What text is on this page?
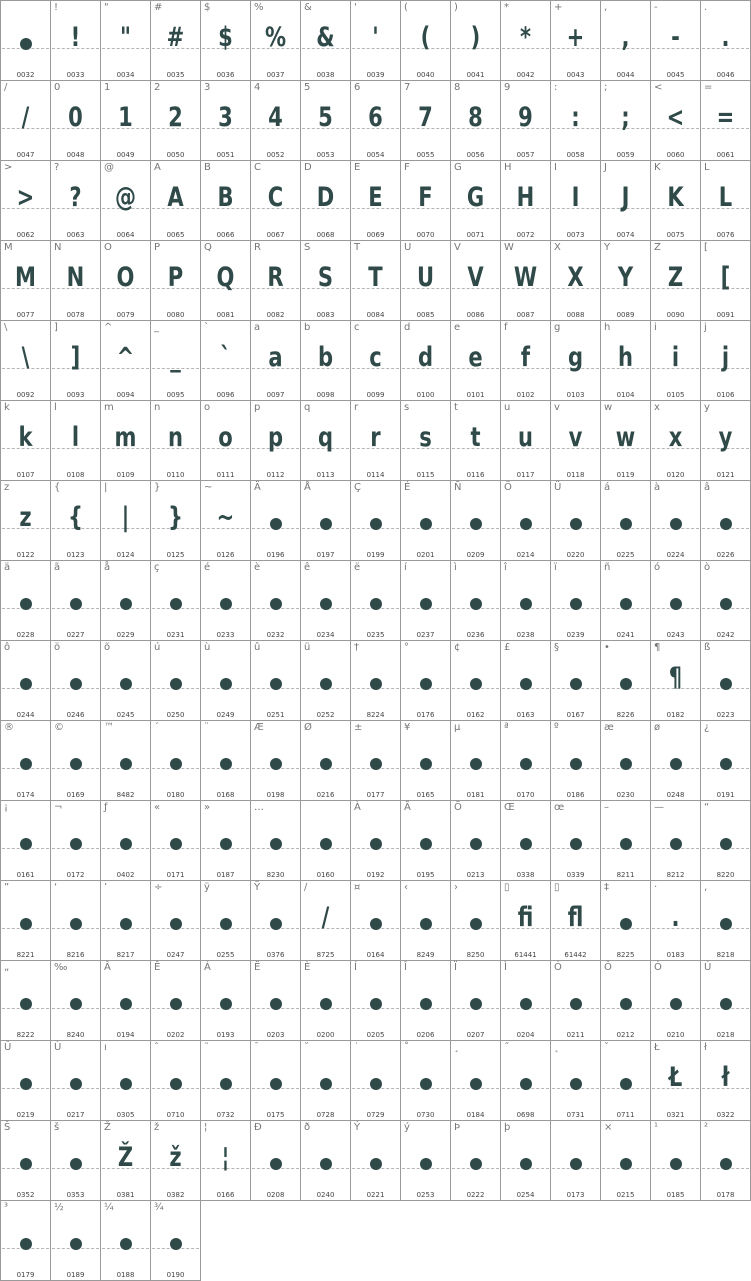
0032
!
!
0033
"
"
0034
#
#
0035
$
$
0036
%
%
0037
&
&
0038
'
'
0039
(
(
0040
)
)
0041
*
*
0042
+
+
0043
,
,
0044
-
-
0045
.
.
0046
/
/
0047
0
0
0048
1
1
0049
2
2
0050
3
3
0051
4
4
0052
5
5
0053
6
6
0054
7
7
0055
8
8
0056
9
9
0057
:
:
0058
;
;
0059
<
<
0060
=
=
0061
>
>
0062
?
?
0063
@
@
0064
A
A
0065
B
B
0066
C
C
0067
D
D
0068
E
E
0069
F
F
0070
G
G
0071
H
H
0072
I
I
0073
J
J
0074
K
K
0075
L
L
0076
M
M
0077
N
N
0078
O
O
0079
P
P
0080
Q
Q
0081
R
R
0082
S
S
0083
T
T
0084
U
U
0085
V
V
0086
W
W
0087
X
X
0088
Y
Y
0089
Z
Z
0090
[
[
0091
\
\
0092
]
]
0093
^
^
0094
_
_
0095
`
`
0096
a
a
0097
b
b
0098
c
c
0099
d
d
0100
e
e
0101
f
f
0102
g
g
0103
h
h
0104
i
i
0105
j
j
0106
k
k
0107
l
l
0108
m
m
0109
n
n
0110
o
o
0111
p
p
0112
q
q
0113
r
r
0114
s
s
0115
t
t
0116
u
u
0117
v
v
0118
w
w
0119
x
x
0120
y
y
0121
z
z
0122
{
{
0123
|
|
0124
}
}
0125
~
~
0126
Ä
0196
Å
0197
Ç
0199
É
0201
Ñ
0209
Ö
0214
Ü
0220
á
0225
à
0224
â
0226
ä
0228
ã
0227
å
0229
ç
0231
é
0233
è
0232
ê
0234
ë
0235
í
0237
ì
0236
î
0238
ï
0239
ñ
0241
ó
0243
ò
0242
ô
0244
ö
0246
õ
0245
ú
0250
ù
0249
û
0251
ü
0252
†
8224
°
0176
¢
0162
£
0163
§
0167
•
8226
¶
¶
0182
ß
0223
®
0174
©
0169
™
8482
´
0180
¨
0168
Æ
0198
Ø
0216
±
0177
¥
0165
µ
0181
ª
0170
º
0186
æ
0230
ø
0248
¿
0191
¡
0161
¬
0172
ƒ
0402
«
0171
»
0187
…
8230	0160
À
0192
Ã
0195
Õ
0213
Œ
0338
œ
0339
–
8211
—
8212
“
8220
”
8221
‘
8216
’
8217
÷
0247
ÿ
0255
Ÿ
0376
∕
/
8725
¤
0164
‹
8249
›
8250
▯
fi
61441
▯
fl
61442
‡
8225
·
.
0183
‚
8218
„
8222
‰
8240
Â
0194
Ê
0202
Á
0193
Ë
0203
È
0200
Í
0205
Î
0206
Ï
0207
Ì
0204
Ó
0211
Ô
0212
Ò
0210
Ú
0218
Û
0219
Ù
0217
ı
0305
ˆ
0710
˜
0732
¯
0175
˘
0728
˙
0729
˚
0730
¸
0184
˝
0698
˛
0731
ˇ
0711
Ł
Ł
0321
ł
ł
0322
Š
0352
š
0353
Ž
Ž
0381
ž
ž
0382
¦
¦
0166
Ð
0208
ð
0240
Ý
0221
ý
0253
Þ
0222
þ
0254	0173
×
0215
¹
0185
²
0178
³
0179
½
0189
¼
0188
¾
0190
